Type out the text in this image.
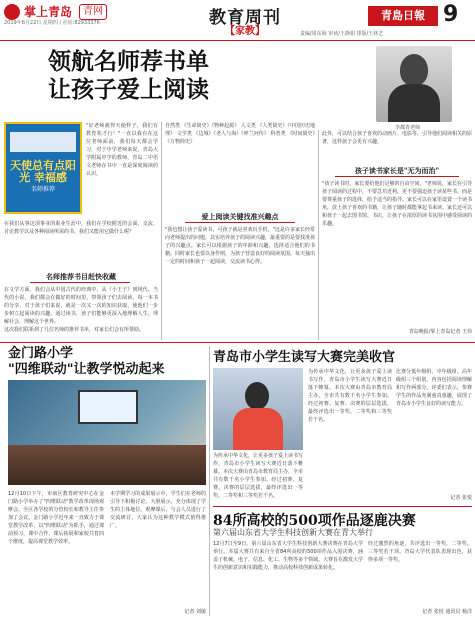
掌上青岛	青网
2019年8月22日 星期四 / 社址:82933376	教育周刊
【家教】
青島日報 9
责编/周东海 审读/王静娟 排版/王林艺
领航名师荐书单
让孩子爱上阅读
李都青老师
天使总有点阳光 幸福感
名师推荐
"好老师就得天使样子，我们有教育状才行！"一直以我有在这位老师面前，我们每天都会学习，对于中学老师来说，青岛大学附属中学的教师，青岛二中语文老师在书中一直是深度阅读的认识。
在我们从事这项事业的职业生涯中，我们在学校附近的会面，交流、讨论教学以及各种阅读所需的书，我们又能用它做什么呢？
名师推荐书目赶快收藏
在文学方面，我们会从中国古代的经典中，从《小王子》到现代、当代的小说，我们都会在做好的时间里，带领孩子们去阅读。每一本书的分享，对于孩子们来说，就是一次又一次的知识获取，使他们一步步树立起阅读的兴趣。通过读书，孩子们能够更深入地理解人生、理解社会、理解这个世界。
这次我们联系到了几位名师的推荐书单，对家长们会有所帮助。
自然类 《生命简史》《物种起源》 人文类 《人类简史》《中国历史地理》 文学类 《边城》《老人与海》《呼兰河传》 科普类 《时间简史》《万物简史》
爱上阅读关键找准兴趣点
"我也想让孩子爱读书，可孩子就是喜欢玩手机。"这是许多家长经常向老师提出的问题。其实培养孩子的阅读兴趣，最重要的是要找准孩子的兴趣点。家长可以根据孩子的年龄和兴趣，选择适合他们的书籍。同时家长也要以身作则，为孩子营造良好的阅读氛围，每天抽出一定的时间和孩子一起阅读，交流读书心得。
此外，可以结合孩子喜欢的动画片、电影等，引导他们阅读相关的原著，这样孩子会更有兴趣。
孩子读书家长是"无为而治"
"孩子读书时，家长要给他们足够的自由空间。"老师说，家长在引导孩子阅读的过程中，不要急功近利，更不要强迫孩子读某些书，而是要尊重孩子的选择，给予适当的指导。家长可以在家里设置一个读书角，放上孩子喜欢的书籍，让孩子随时都能拿起书来读。家长还可以和孩子一起去图书馆、书店，让孩子在浓厚的读书氛围中感受阅读的乐趣。
青岛晚报/掌上青岛记者 王伟
金门路小学
"四维联动"让教学悦动起来
12月10日下午，市南区教育研究中心在金门路小学举办了"四维联动"教学改革现场观摩会。全区各学校的分管校长和教导主任参加了会议。金门路小学近年来一直致力于课堂教学改革，以"四维联动"为抓手，通过课前预习、课中合作、课后拓展和家校共育四个维度，提高课堂教学效率。
本学期学习的成果展示中，学生们在老师的引导下积极讨论、大胆展示，充分体现了学生的主体地位。观摩课后，与会人员进行了交流研讨，大家认为这种教学模式值得推广。
记者 刘敏
青岛市小学生读写大赛完美收官
为传承中华文化，让更多孩子爱上读书写作，青岛市小学生读写大赛近日落下帷幕。本次大赛由青岛市教育局主办，全市共有数千名小学生参加。经过初赛、复赛、决赛的层层选拔，最终评选出一等奖、二等奖和三等奖若干名。
为传承中华文化，让更多孩子爱上读书写作，青岛市小学生读写大赛近日落下帷幕。本次大赛由青岛市教育局主办，全市共有数千名小学生参加。经过初赛、复赛、决赛的层层选拔，最终评选出一等奖、二等奖和三等奖若干名。
比赛分低年级组、中年级组、高年级组三个组别，内容包括阅读理解和写作两部分。评委们表示，参赛学生的作品充满童真童趣，展现了青岛市小学生良好的读写能力。
记者 张悦
84所高校的500项作品逐鹿决赛
第六届山东省大学生科技创新大赛在青大举行
12月7日至9日，第六届山东省大学生科技创新大赛决赛在青岛大学举行。本届大赛共有来自全省84所高校的500项作品入围决赛，涵盖了机械、电子、信息、化工、生物等多个领域。大赛旨在激发大学生的创新意识和实践能力，推动高校科技创新成果转化。
经过激烈的角逐，共评选出一等奖、二等奖、三等奖若干项。青岛大学代表队表现出色，获得多项一等奖。
记者 张悦 通讯员 杨洋
